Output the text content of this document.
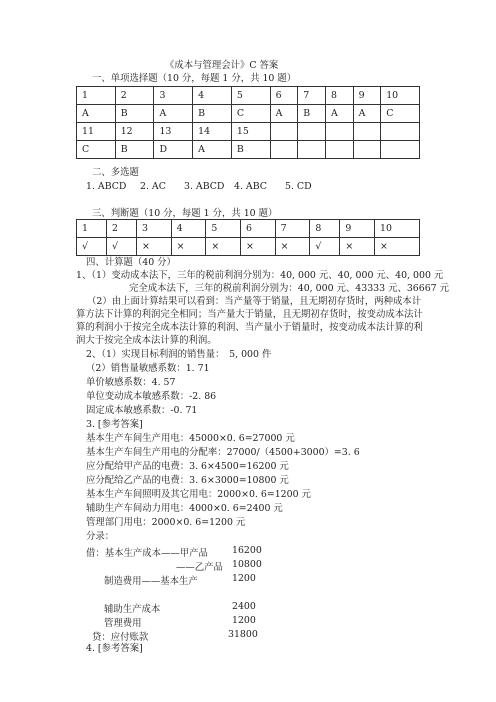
《成本与管理会计》C 答案
一、单项选择题（10 分，每题 1 分，共 10 题）
1	2	3	4	5	6	7	8	9	10
A	B	A	B	C	A	B	A	A	C
11	12	13	14	15					
C	B	D	A	B					
二、多选题
1. ABCD 2. AC 3. ABCD 4. ABC 5. CD
三、判断题（10 分，每题 1 分，共 10 题）
1	2	3	4	5	6	7	8	9	10
√	√	×	×	×	×	×	√	×	×
四、计算题（40 分）
1、（1）变动成本法下，三年的税前利润分别为：40, 000 元、40, 000 元、40, 000 元
完全成本法下，三年的税前利润分别为：40, 000 元、43333 元、36667 元
（2）由上面计算结果可以看到：当产量等于销量，且无期初存货时，两种成本计
算方法下计算的利润完全相同；当产量大于销量，且无期初存货时，按变动成本法计
算的利润小于按完全成本法计算的利润、当产量小于销量时，按变动成本法计算的利
润大于按完全成本法计算的利润。
2、（1）实现目标利润的销售量：　5, 000 件
（2）销售量敏感系数：1. 71
单价敏感系数：4. 57
单位变动成本敏感系数：-2. 86
固定成本敏感系数：-0. 71
3. [参考答案]
基本生产车间生产用电：45000×0. 6=27000 元
基本生产车间生产用电的分配率：27000/（4500+3000）=3. 6
应分配给甲产品的电费：3. 6×4500=16200 元
应分配给乙产品的电费：3. 6×3000=10800 元
基本生产车间照明及其它用电：2000×0. 6=1200 元
辅助生产车间动力用电：4000×0. 6=2400 元
管理部门用电：2000×0. 6=1200 元
分录：
借：基本生产成本——甲产品	16200
——乙产品 10800
制造费用——基本生产	1200
辅助生产成本	2400
管理费用	1200
贷：应付账款	31800
4. [参考答案]
